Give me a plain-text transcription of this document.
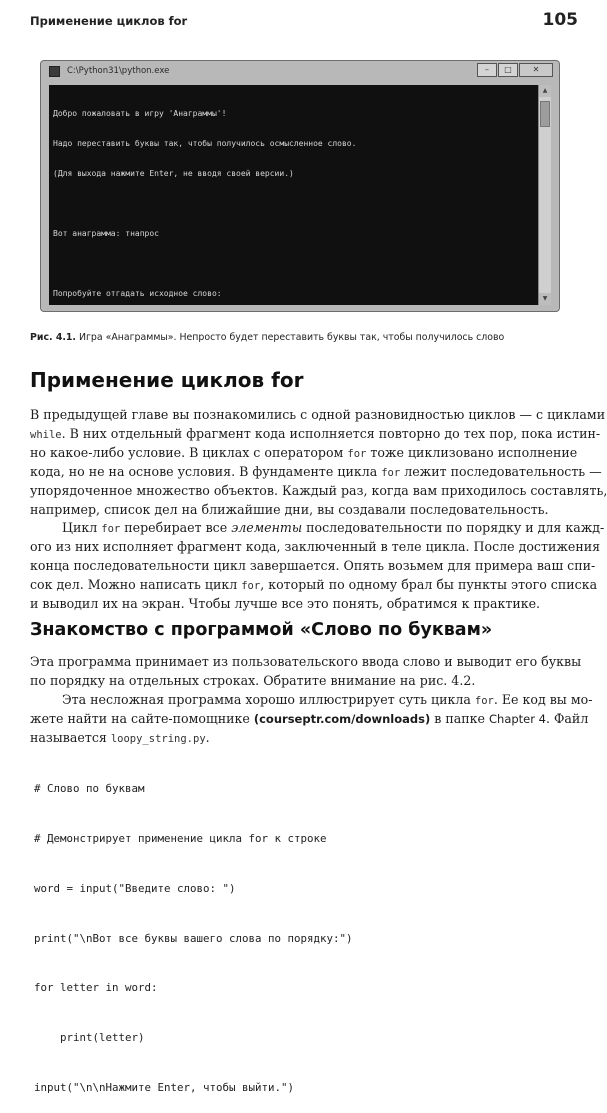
Применение циклов for	105
C:\Python31\python.exe	–	□	✕

Добро пожаловать в игру 'Анаграммы'!

Надо переставить буквы так, чтобы получилось осмысленное слово.

(Для выхода нажмите Enter, не вводя своей версии.)

Вот анаграмма: тнапрос

Попробуйте отгадать исходное слово:

▲
▼
Рис. 4.1. Игра «Анаграммы». Непросто будет переставить буквы так, чтобы получилось слово
Применение циклов for
В предыдущей главе вы познакомились с одной разновидностью циклов — с циклами
while. В них отдельный фрагмент кода исполняется повторно до тех пор, пока истин-
но какое-либо условие. В циклах с оператором for тоже циклизовано исполнение
кода, но не на основе условия. В фундаменте цикла for лежит последовательность —
упорядоченное множество объектов. Каждый раз, когда вам приходилось составлять,
например, список дел на ближайшие дни, вы создавали последовательность.
Цикл for перебирает все элементы последовательности по порядку и для кажд-
ого из них исполняет фрагмент кода, заключенный в теле цикла. После достижения
конца последовательности цикл завершается. Опять возьмем для примера ваш спи-
сок дел. Можно написать цикл for, который по одному брал бы пункты этого списка
и выводил их на экран. Чтобы лучше все это понять, обратимся к практике.
Знакомство с программой «Слово по буквам»
Эта программа принимает из пользовательского ввода слово и выводит его буквы
по порядку на отдельных строках. Обратите внимание на рис. 4.2.
Эта несложная программа хорошо иллюстрирует суть цикла for. Ее код вы мо-
жете найти на сайте-помощнике (courseptr.com/downloads) в папке Chapter 4. Файл
называется loopy_string.py.

# Слово по буквам

# Демонстрирует применение цикла for к строке

word = input("Введите слово: ")

print("\nВот все буквы вашего слова по порядку:")

for letter in word:

print(letter)

input("\n\nНажмите Enter, чтобы выйти.")
